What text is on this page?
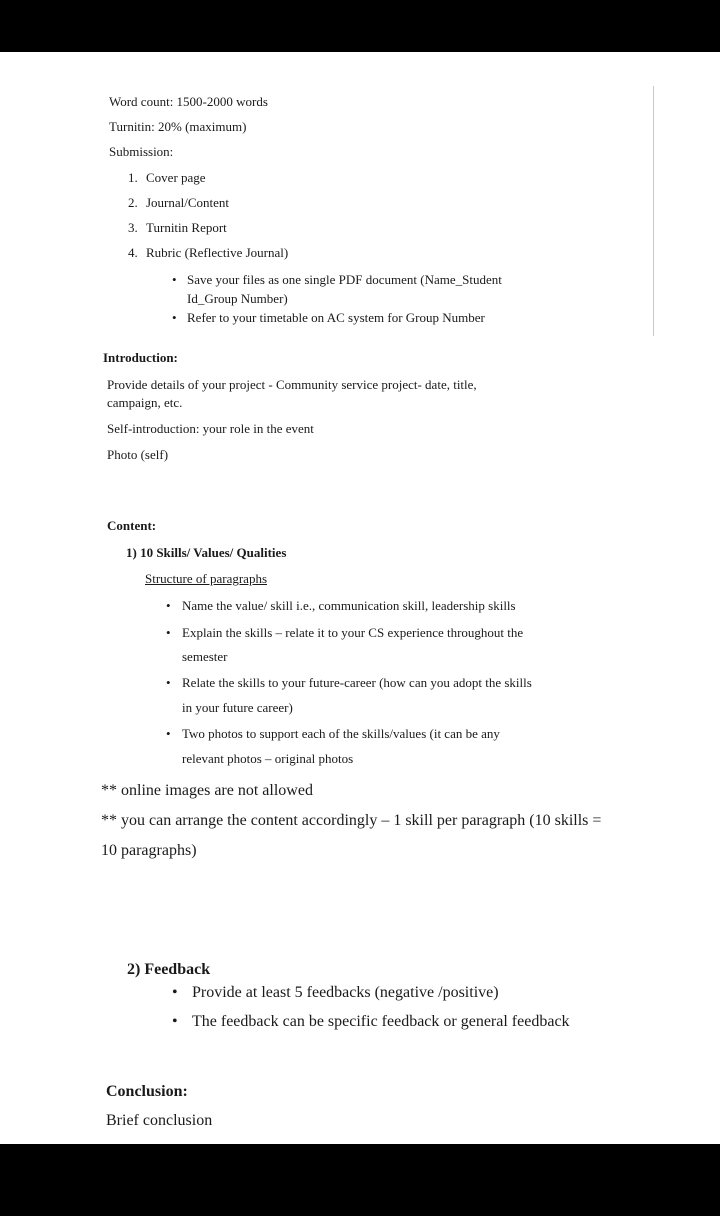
Word count: 1500-2000 words
Turnitin: 20% (maximum)
Submission:
1. Cover page
2. Journal/Content
3. Turnitin Report
4. Rubric (Reflective Journal)
• Save your files as one single PDF document (Name_Student
Id_Group Number)
• Refer to your timetable on AC system for Group Number
Introduction:
Provide details of your project - Community service project- date, title,
campaign, etc.
Self-introduction: your role in the event
Photo (self)
Content:
1) 10 Skills/ Values/ Qualities
Structure of paragraphs
• Name the value/ skill i.e., communication skill, leadership skills
• Explain the skills – relate it to your CS experience throughout the
semester
• Relate the skills to your future-career (how can you adopt the skills
in your future career)
• Two photos to support each of the skills/values (it can be any
relevant photos – original photos
** online images are not allowed
** you can arrange the content accordingly – 1 skill per paragraph (10 skills =
10 paragraphs)
2) Feedback
• Provide at least 5 feedbacks (negative /positive)
• The feedback can be specific feedback or general feedback
Conclusion:
Brief conclusion
